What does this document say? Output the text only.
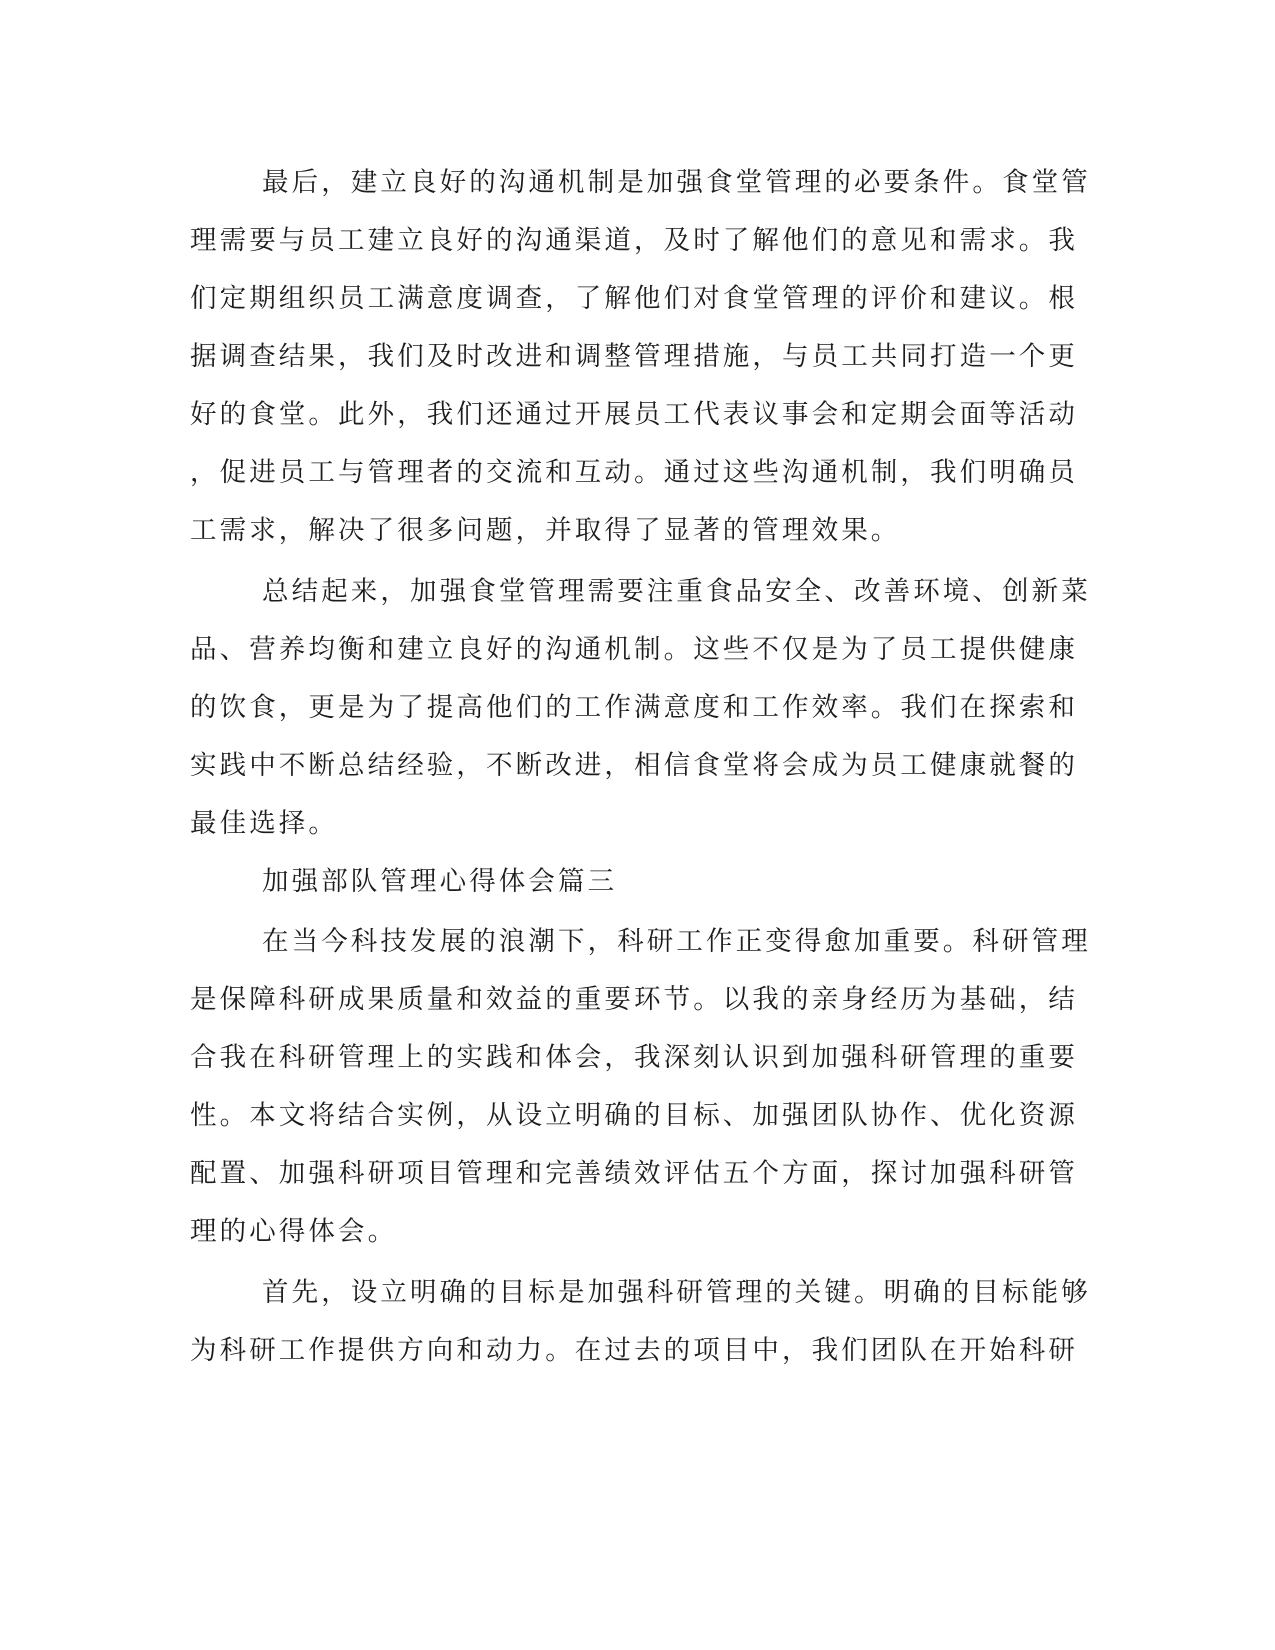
最后，建立良好的沟通机制是加强食堂管理的必要条件。食堂管
理需要与员工建立良好的沟通渠道，及时了解他们的意见和需求。我
们定期组织员工满意度调查，了解他们对食堂管理的评价和建议。根
据调查结果，我们及时改进和调整管理措施，与员工共同打造一个更
好的食堂。此外，我们还通过开展员工代表议事会和定期会面等活动
，促进员工与管理者的交流和互动。通过这些沟通机制，我们明确员
工需求，解决了很多问题，并取得了显著的管理效果。
总结起来，加强食堂管理需要注重食品安全、改善环境、创新菜
品、营养均衡和建立良好的沟通机制。这些不仅是为了员工提供健康
的饮食，更是为了提高他们的工作满意度和工作效率。我们在探索和
实践中不断总结经验，不断改进，相信食堂将会成为员工健康就餐的
最佳选择。
加强部队管理心得体会篇三
在当今科技发展的浪潮下，科研工作正变得愈加重要。科研管理
是保障科研成果质量和效益的重要环节。以我的亲身经历为基础，结
合我在科研管理上的实践和体会，我深刻认识到加强科研管理的重要
性。本文将结合实例，从设立明确的目标、加强团队协作、优化资源
配置、加强科研项目管理和完善绩效评估五个方面，探讨加强科研管
理的心得体会。
首先，设立明确的目标是加强科研管理的关键。明确的目标能够
为科研工作提供方向和动力。在过去的项目中，我们团队在开始科研
